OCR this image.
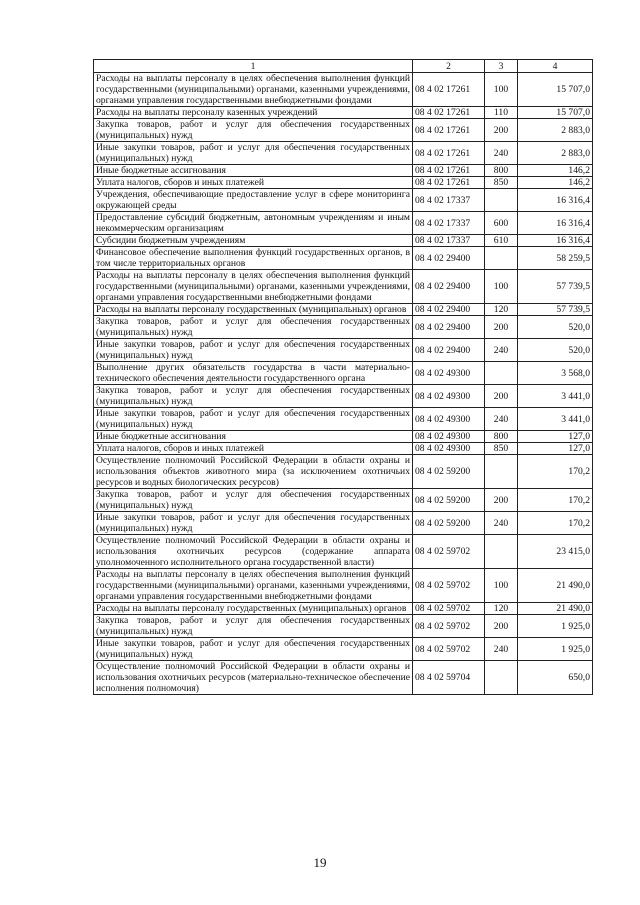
1	2	3	4
Расходы на выплаты персоналу в целях обеспечения выполнения функций государственными (муниципальными) органами, казенными учреждениями, органами управления государственными внебюджетными фондами	08 4 02 17261	100	15 707,0
Расходы на выплаты персоналу казенных учреждений	08 4 02 17261	110	15 707,0
Закупка товаров, работ и услуг для обеспечения государственных (муниципальных) нужд	08 4 02 17261	200	2 883,0
Иные закупки товаров, работ и услуг для обеспечения государственных (муниципальных) нужд	08 4 02 17261	240	2 883,0
Иные бюджетные ассигнования	08 4 02 17261	800	146,2
Уплата налогов, сборов и иных платежей	08 4 02 17261	850	146,2
Учреждения, обеспечивающие предоставление услуг в сфере мониторинга окружающей среды	08 4 02 17337		16 316,4
Предоставление субсидий бюджетным, автономным учреждениям и иным некоммерческим организациям	08 4 02 17337	600	16 316,4
Субсидии бюджетным учреждениям	08 4 02 17337	610	16 316,4
Финансовое обеспечение выполнения функций государственных органов, в том числе территориальных органов	08 4 02 29400		58 259,5
Расходы на выплаты персоналу в целях обеспечения выполнения функций государственными (муниципальными) органами, казенными учреждениями, органами управления государственными внебюджетными фондами	08 4 02 29400	100	57 739,5
Расходы на выплаты персоналу государственных (муниципальных) органов	08 4 02 29400	120	57 739,5
Закупка товаров, работ и услуг для обеспечения государственных (муниципальных) нужд	08 4 02 29400	200	520,0
Иные закупки товаров, работ и услуг для обеспечения государственных (муниципальных) нужд	08 4 02 29400	240	520,0
Выполнение других обязательств государства в части материально-технического обеспечения деятельности государственного органа	08 4 02 49300		3 568,0
Закупка товаров, работ и услуг для обеспечения государственных (муниципальных) нужд	08 4 02 49300	200	3 441,0
Иные закупки товаров, работ и услуг для обеспечения государственных (муниципальных) нужд	08 4 02 49300	240	3 441,0
Иные бюджетные ассигнования	08 4 02 49300	800	127,0
Уплата налогов, сборов и иных платежей	08 4 02 49300	850	127,0
Осуществление полномочий Российской Федерации в области охраны и использования объектов животного мира (за исключением охотничьих ресурсов и водных биологических ресурсов)	08 4 02 59200		170,2
Закупка товаров, работ и услуг для обеспечения государственных (муниципальных) нужд	08 4 02 59200	200	170,2
Иные закупки товаров, работ и услуг для обеспечения государственных (муниципальных) нужд	08 4 02 59200	240	170,2
Осуществление полномочий Российской Федерации в области охраны и использования охотничьих ресурсов (содержание аппарата уполномоченного исполнительного органа государственной власти)	08 4 02 59702		23 415,0
Расходы на выплаты персоналу в целях обеспечения выполнения функций государственными (муниципальными) органами, казенными учреждениями, органами управления государственными внебюджетными фондами	08 4 02 59702	100	21 490,0
Расходы на выплаты персоналу государственных (муниципальных) органов	08 4 02 59702	120	21 490,0
Закупка товаров, работ и услуг для обеспечения государственных (муниципальных) нужд	08 4 02 59702	200	1 925,0
Иные закупки товаров, работ и услуг для обеспечения государственных (муниципальных) нужд	08 4 02 59702	240	1 925,0
Осуществление полномочий Российской Федерации в области охраны и использования охотничьих ресурсов (материально-техническое обеспечение исполнения полномочия)	08 4 02 59704		650,0
19
